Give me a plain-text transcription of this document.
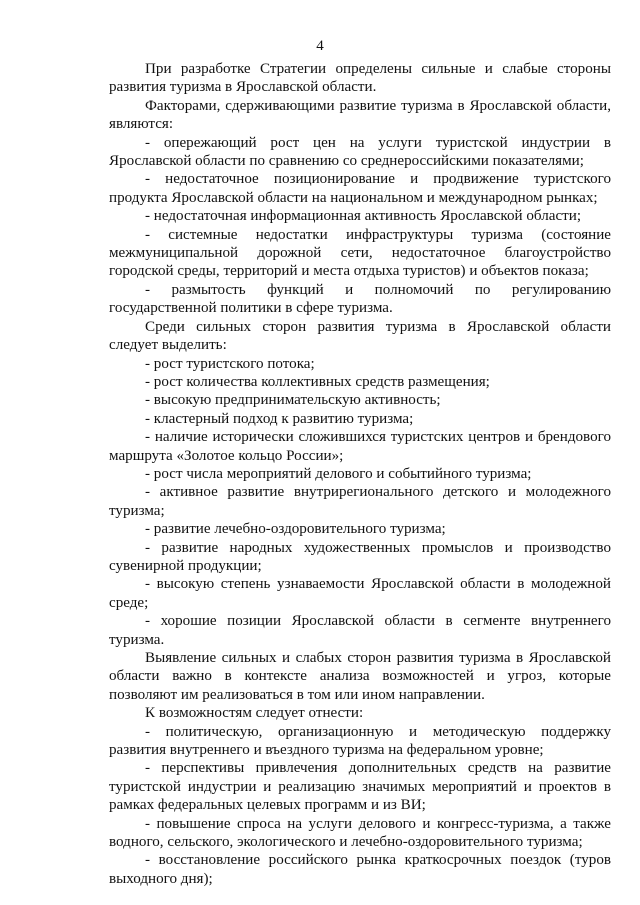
4

При разработке Стратегии определены сильные и слабые стороны развития туризма в Ярославской области.

Факторами, сдерживающими развитие туризма в Ярославской области, являются:

- опережающий рост цен на услуги туристской индустрии в Ярославской области по сравнению со среднероссийскими показателями;

- недостаточное позиционирование и продвижение туристского продукта Ярославской области на национальном и международном рынках;

- недостаточная информационная активность Ярославской области;

- системные недостатки инфраструктуры туризма (состояние межмуниципальной дорожной сети, недостаточное благоустройство городской среды, территорий и места отдыха туристов) и объектов показа;

- размытость функций и полномочий по регулированию государственной политики в сфере туризма.

Среди сильных сторон развития туризма в Ярославской области следует выделить:

- рост туристского потока;

- рост количества коллективных средств размещения;

- высокую предпринимательскую активность;

- кластерный подход к развитию туризма;

- наличие исторически сложившихся туристских центров и брендового маршрута «Золотое кольцо России»;

- рост числа мероприятий делового и событийного туризма;

- активное развитие внутрирегионального детского и молодежного туризма;

- развитие лечебно-оздоровительного туризма;

- развитие народных художественных промыслов и производство сувенирной продукции;

- высокую степень узнаваемости Ярославской области в молодежной среде;

- хорошие позиции Ярославской области в сегменте внутреннего туризма.

Выявление сильных и слабых сторон развития туризма в Ярославской области важно в контексте анализа возможностей и угроз, которые позволяют им реализоваться в том или ином направлении.

К возможностям следует отнести:

- политическую, организационную и методическую поддержку развития внутреннего и въездного туризма на федеральном уровне;

- перспективы привлечения дополнительных средств на развитие туристской индустрии и реализацию значимых мероприятий и проектов в рамках федеральных целевых программ и из ВИ;

- повышение спроса на услуги делового и конгресс-туризма, а также водного, сельского, экологического и лечебно-оздоровительного туризма;

- восстановление российского рынка краткосрочных поездок (туров выходного дня);
